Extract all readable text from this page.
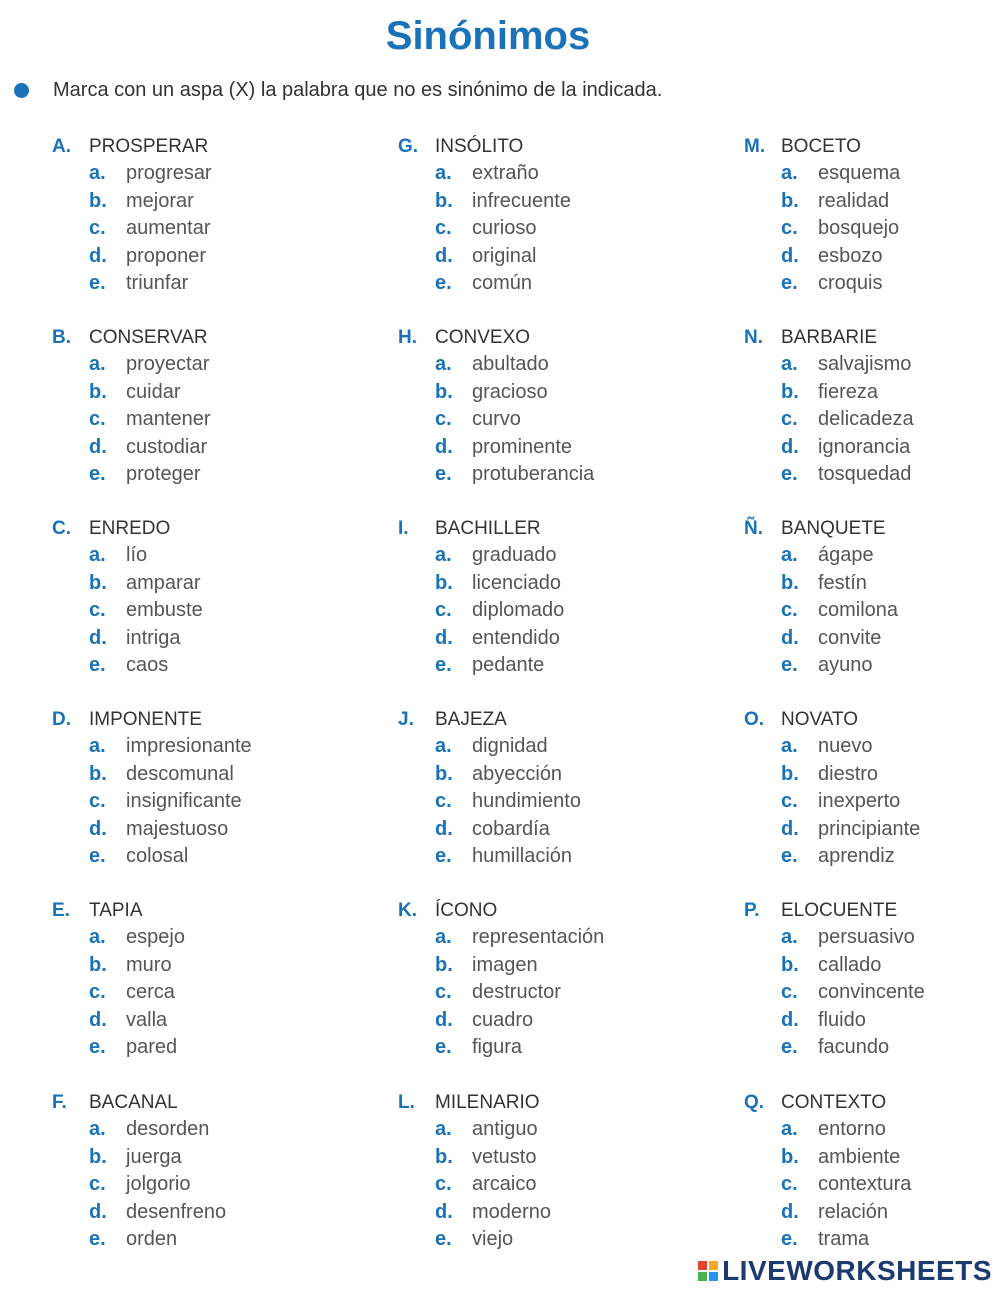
Sinónimos
Marca con un aspa (X) la palabra que no es sinónimo de la indicada.
A. PROSPERAR
a. progresar
b. mejorar
c. aumentar
d. proponer
e. triunfar
B. CONSERVAR
a. proyectar
b. cuidar
c. mantener
d. custodiar
e. proteger
C. ENREDO
a. lío
b. amparar
c. embuste
d. intriga
e. caos
D. IMPONENTE
a. impresionante
b. descomunal
c. insignificante
d. majestuoso
e. colosal
E. TAPIA
a. espejo
b. muro
c. cerca
d. valla
e. pared
F. BACANAL
a. desorden
b. juerga
c. jolgorio
d. desenfreno
e. orden
G. INSÓLITO
a. extraño
b. infrecuente
c. curioso
d. original
e. común
H. CONVEXO
a. abultado
b. gracioso
c. curvo
d. prominente
e. protuberancia
I. BACHILLER
a. graduado
b. licenciado
c. diplomado
d. entendido
e. pedante
J. BAJEZA
a. dignidad
b. abyección
c. hundimiento
d. cobardía
e. humillación
K. ÍCONO
a. representación
b. imagen
c. destructor
d. cuadro
e. figura
L. MILENARIO
a. antiguo
b. vetusto
c. arcaico
d. moderno
e. viejo
M. BOCETO
a. esquema
b. realidad
c. bosquejo
d. esbozo
e. croquis
N. BARBARIE
a. salvajismo
b. fiereza
c. delicadeza
d. ignorancia
e. tosquedad
Ñ. BANQUETE
a. ágape
b. festín
c. comilona
d. convite
e. ayuno
O. NOVATO
a. nuevo
b. diestro
c. inexperto
d. principiante
e. aprendiz
P. ELOCUENTE
a. persuasivo
b. callado
c. convincente
d. fluido
e. facundo
Q. CONTEXTO
a. entorno
b. ambiente
c. contextura
d. relación
e. trama
LIVEWORKSHEETS
